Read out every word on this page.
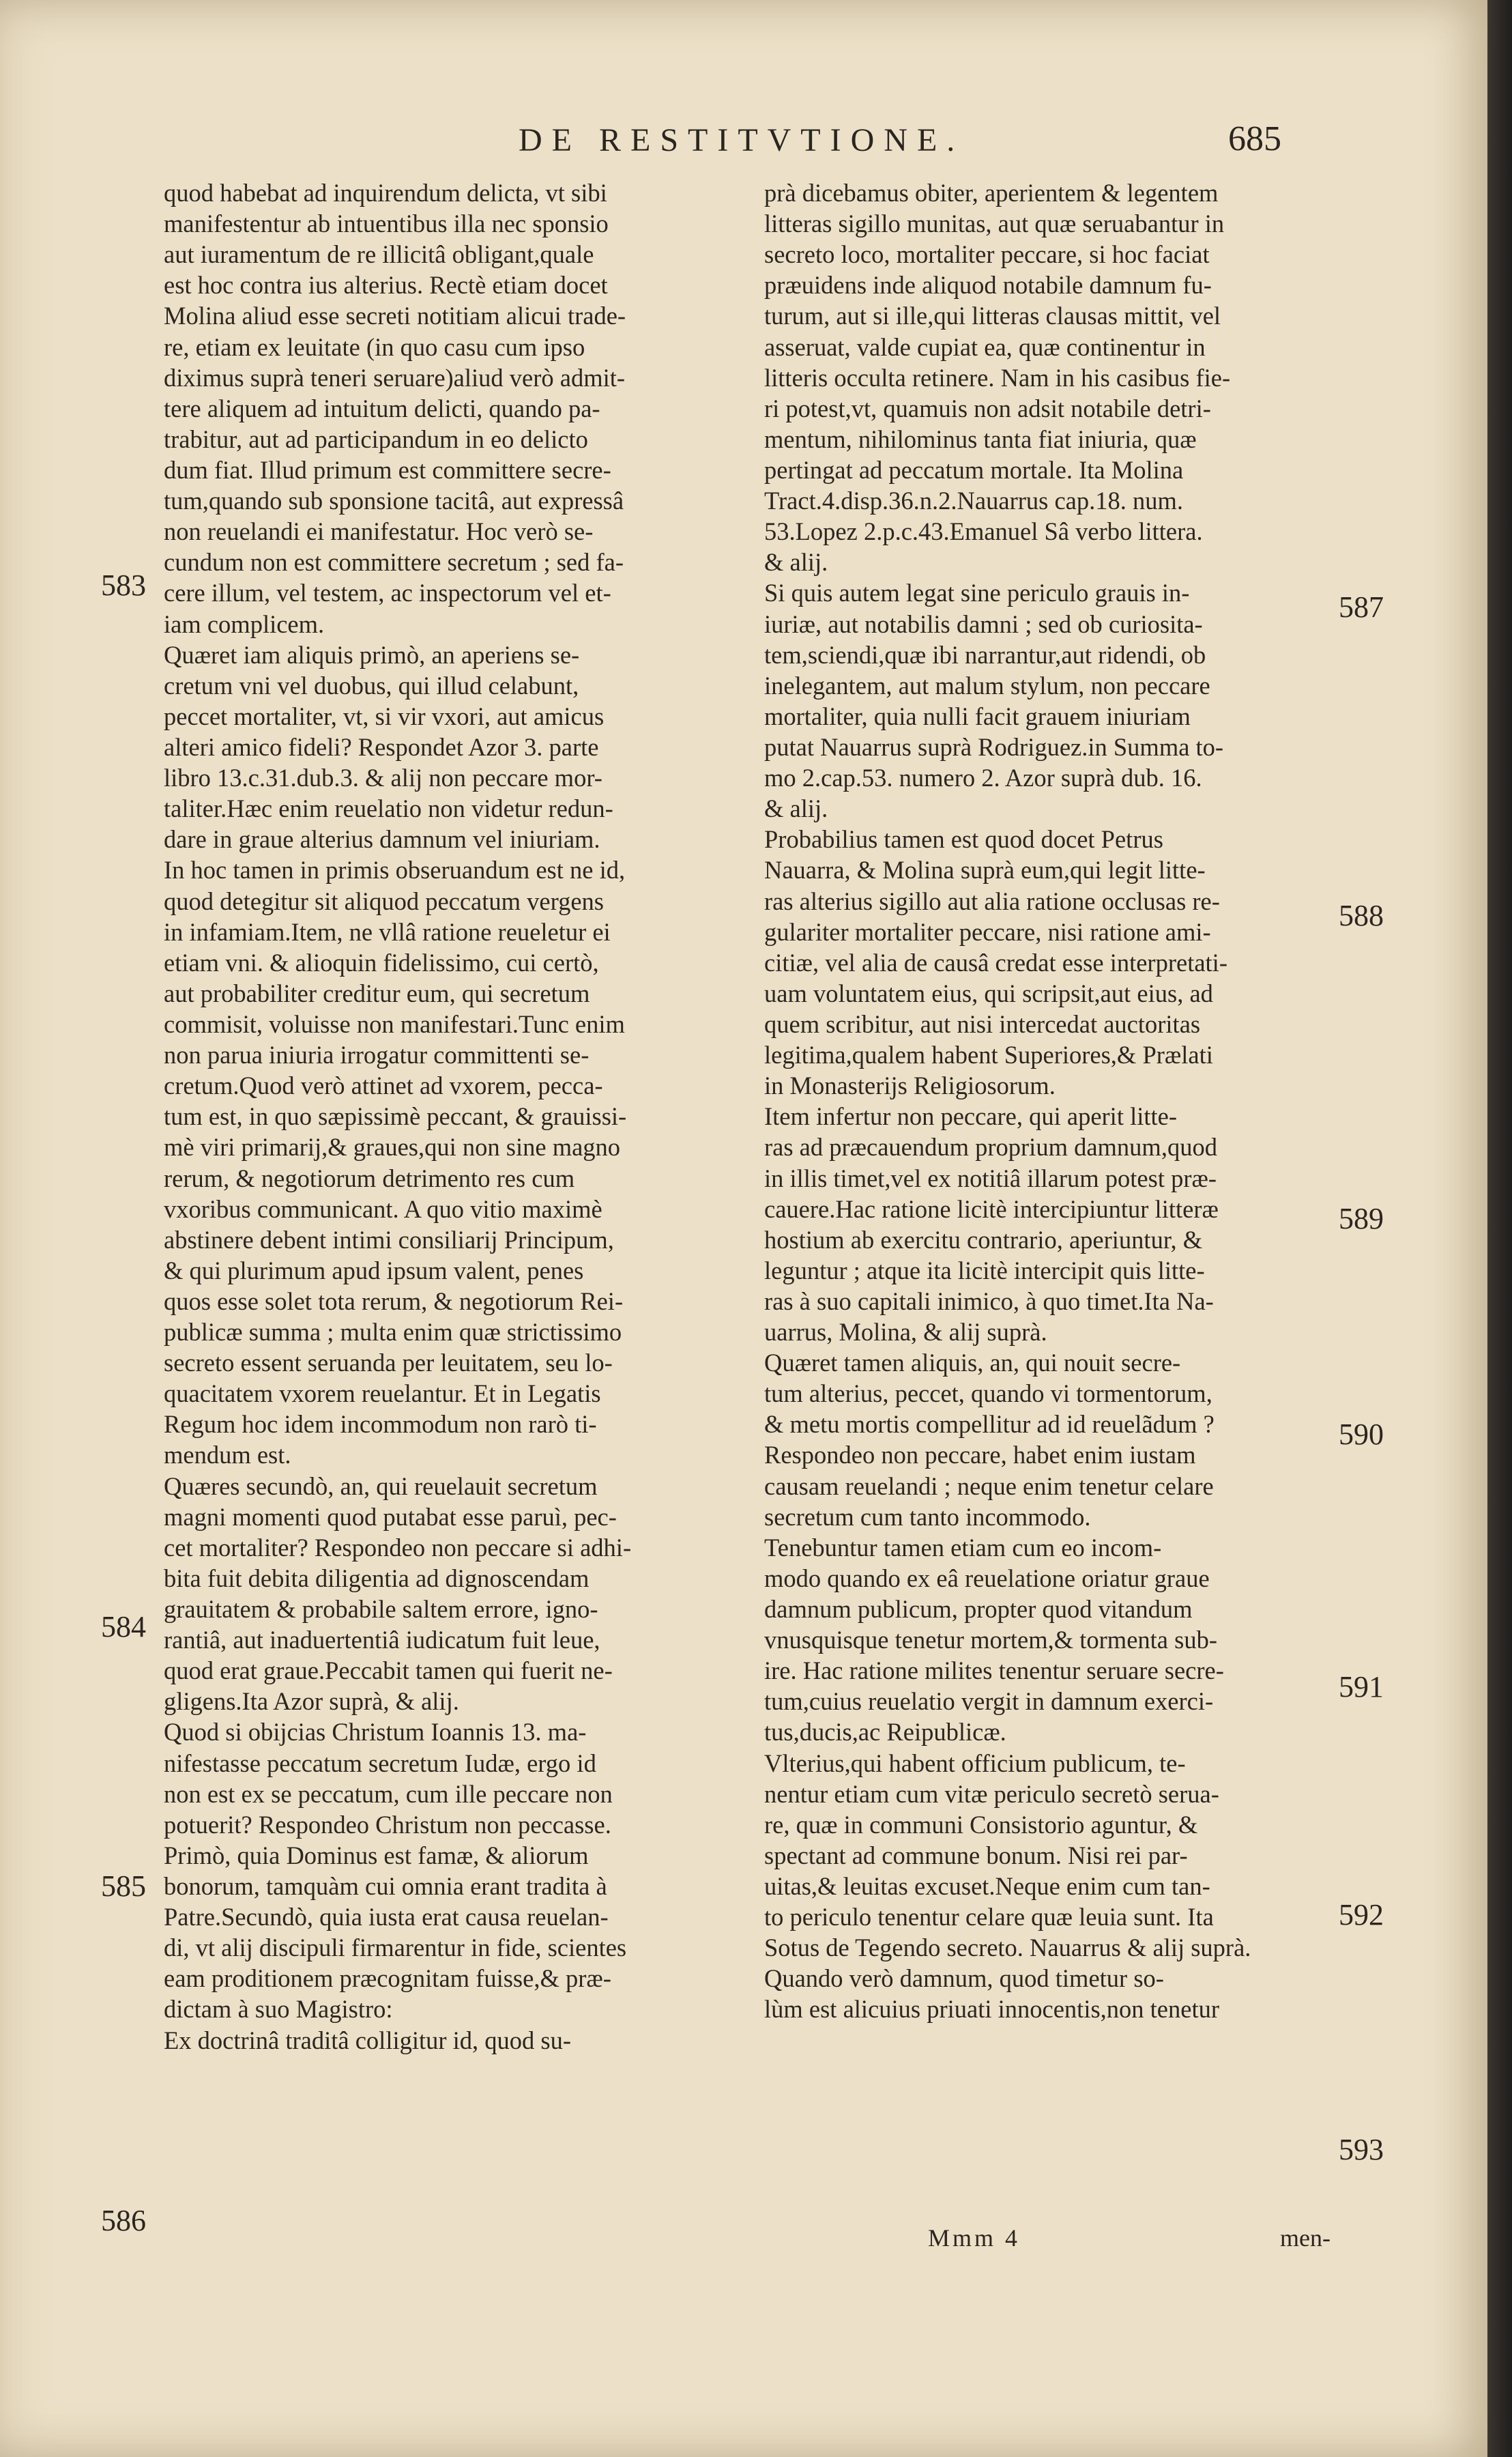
DE RESTITVTIONE.	685
quod habebat ad inquirendum delicta, vt sibi
manifestentur ab intuentibus illa nec sponsio
aut iuramentum de re illicitâ obligant,quale
est hoc contra ius alterius. Rectè etiam docet
Molina aliud esse secreti notitiam alicui trade-
re, etiam ex leuitate (in quo casu cum ipso
diximus suprà teneri seruare)aliud verò admit-
tere aliquem ad intuitum delicti, quando pa-
trabitur, aut ad participandum in eo delicto
dum fiat. Illud primum est committere secre-
tum,quando sub sponsione tacitâ, aut expressâ
non reuelandi ei manifestatur. Hoc verò se-
cundum non est committere secretum ; sed fa-
cere illum, vel testem, ac inspectorum vel et-
iam complicem.
Quæret iam aliquis primò, an aperiens se-
cretum vni vel duobus, qui illud celabunt,
peccet mortaliter, vt, si vir vxori, aut amicus
alteri amico fideli? Respondet Azor 3. parte
libro 13.c.31.dub.3. & alij non peccare mor-
taliter.Hæc enim reuelatio non videtur redun-
dare in graue alterius damnum vel iniuriam.
In hoc tamen in primis obseruandum est ne id,
quod detegitur sit aliquod peccatum vergens
in infamiam.Item, ne vllâ ratione reueletur ei
etiam vni. & alioquin fidelissimo, cui certò,
aut probabiliter creditur eum, qui secretum
commisit, voluisse non manifestari.Tunc enim
non parua iniuria irrogatur committenti se-
cretum.Quod verò attinet ad vxorem, pecca-
tum est, in quo sæpissimè peccant, & grauissi-
mè viri primarij,& graues,qui non sine magno
rerum, & negotiorum detrimento res cum
vxoribus communicant. A quo vitio maximè
abstinere debent intimi consiliarij Principum,
& qui plurimum apud ipsum valent, penes
quos esse solet tota rerum, & negotiorum Rei-
publicæ summa ; multa enim quæ strictissimo
secreto essent seruanda per leuitatem, seu lo-
quacitatem vxorem reuelantur. Et in Legatis
Regum hoc idem incommodum non rarò ti-
mendum est.
Quæres secundò, an, qui reuelauit secretum
magni momenti quod putabat esse paruì, pec-
cet mortaliter? Respondeo non peccare si adhi-
bita fuit debita diligentia ad dignoscendam
grauitatem & probabile saltem errore, igno-
rantiâ, aut inaduertentiâ iudicatum fuit leue,
quod erat graue.Peccabit tamen qui fuerit ne-
gligens.Ita Azor suprà, & alij.
Quod si obijcias Christum Ioannis 13. ma-
nifestasse peccatum secretum Iudæ, ergo id
non est ex se peccatum, cum ille peccare non
potuerit? Respondeo Christum non peccasse.
Primò, quia Dominus est famæ, & aliorum
bonorum, tamquàm cui omnia erant tradita à
Patre.Secundò, quia iusta erat causa reuelan-
di, vt alij discipuli firmarentur in fide, scientes
eam proditionem præcognitam fuisse,& præ-
dictam à suo Magistro:
Ex doctrinâ traditâ colligitur id, quod su-
prà dicebamus obiter, aperientem & legentem
litteras sigillo munitas, aut quæ seruabantur in
secreto loco, mortaliter peccare, si hoc faciat
præuidens inde aliquod notabile damnum fu-
turum, aut si ille,qui litteras clausas mittit, vel
asseruat, valde cupiat ea, quæ continentur in
litteris occulta retinere. Nam in his casibus fie-
ri potest,vt, quamuis non adsit notabile detri-
mentum, nihilominus tanta fiat iniuria, quæ
pertingat ad peccatum mortale. Ita Molina
Tract.4.disp.36.n.2.Nauarrus cap.18. num.
53.Lopez 2.p.c.43.Emanuel Sâ verbo littera.
& alij.
Si quis autem legat sine periculo grauis in-
iuriæ, aut notabilis damni ; sed ob curiosita-
tem,sciendi,quæ ibi narrantur,aut ridendi, ob
inelegantem, aut malum stylum, non peccare
mortaliter, quia nulli facit grauem iniuriam
putat Nauarrus suprà Rodriguez.in Summa to-
mo 2.cap.53. numero 2. Azor suprà dub. 16.
& alij.
Probabilius tamen est quod docet Petrus
Nauarra, & Molina suprà eum,qui legit litte-
ras alterius sigillo aut alia ratione occlusas re-
gulariter mortaliter peccare, nisi ratione ami-
citiæ, vel alia de causâ credat esse interpretati-
uam voluntatem eius, qui scripsit,aut eius, ad
quem scribitur, aut nisi intercedat auctoritas
legitima,qualem habent Superiores,& Prælati
in Monasterijs Religiosorum.
Item infertur non peccare, qui aperit litte-
ras ad præcauendum proprium damnum,quod
in illis timet,vel ex notitiâ illarum potest præ-
cauere.Hac ratione licitè intercipiuntur litteræ
hostium ab exercitu contrario, aperiuntur, &
leguntur ; atque ita licitè intercipit quis litte-
ras à suo capitali inimico, à quo timet.Ita Na-
uarrus, Molina, & alij suprà.
Quæret tamen aliquis, an, qui nouit secre-
tum alterius, peccet, quando vi tormentorum,
& metu mortis compellitur ad id reuelãdum ?
Respondeo non peccare, habet enim iustam
causam reuelandi ; neque enim tenetur celare
secretum cum tanto incommodo.
Tenebuntur tamen etiam cum eo incom-
modo quando ex eâ reuelatione oriatur graue
damnum publicum, propter quod vitandum
vnusquisque tenetur mortem,& tormenta sub-
ire. Hac ratione milites tenentur seruare secre-
tum,cuius reuelatio vergit in damnum exerci-
tus,ducis,ac Reipublicæ.
Vlterius,qui habent officium publicum, te-
nentur etiam cum vitæ periculo secretò serua-
re, quæ in communi Consistorio aguntur, &
spectant ad commune bonum. Nisi rei par-
uitas,& leuitas excuset.Neque enim cum tan-
to periculo tenentur celare quæ leuia sunt. Ita
Sotus de Tegendo secreto. Nauarrus & alij suprà.
Quando verò damnum, quod timetur so-
lùm est alicuius priuati innocentis,non tenetur
583
584
585
586
587
588
589
590
591
592
593
Mmm 4	men-
